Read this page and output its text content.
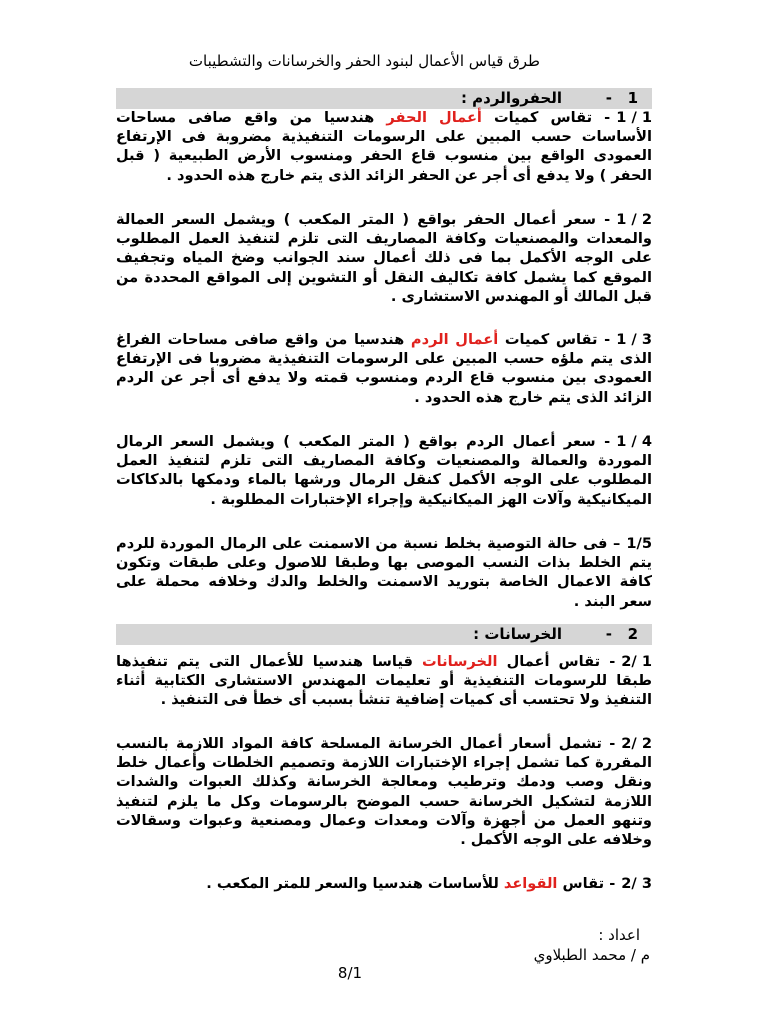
طرق قياس الأعمال لبنود الحفر والخرسانات والتشطيبات
1
-
الحفروالردم :
1 / 1- تقاس كميات أعمال الحفر هندسيا من واقع صافى مساحات الأساسات حسب المبين على الرسومات التنفيذية مضروبة فى الإرتفاع العمودى الواقع بين منسوب قاع الحفر ومنسوب الأرض الطبيعية ( قبل الحفر ) ولا يدفع أى أجر عن الحفر الزائد الذى يتم خارج هذه الحدود .
1 / 2- سعر أعمال الحفر بواقع ( المتر المكعب ) ويشمل السعر العمالة والمعدات والمصنعيات وكافة المصاريف التى تلزم لتنفيذ العمل المطلوب على الوجه الأكمل بما فى ذلك أعمال سند الجوانب وضخ المياه وتجفيف الموقع كما يشمل كافة تكاليف النقل أو التشوين إلى المواقع المحددة من قبل المالك أو المهندس الاستشارى .
1 / 3- تقاس كميات أعمال الردم هندسيا من واقع صافى مساحات الفراغ الذى يتم ملؤه حسب المبين على الرسومات التنفيذية مضروبا فى الإرتفاع العمودى بين منسوب قاع الردم ومنسوب قمته ولا يدفع أى أجر عن الردم الزائد الذى يتم خارج هذه الحدود .
1 / 4- سعر أعمال الردم بواقع ( المتر المكعب ) ويشمل السعر الرمال الموردة والعمالة والمصنعيات وكافة المصاريف التى تلزم لتنفيذ العمل المطلوب على الوجه الأكمل كنقل الرمال ورشها بالماء ودمكها بالدكاكات الميكانيكية وآلات الهز الميكانيكية وإجراء الإختبارات المطلوبة .
1/5– فى حالة التوصية بخلط نسبة من الاسمنت على الرمال الموردة للردم يتم الخلط بذات النسب الموصى بها وطبقا للاصول وعلى طبقات وتكون كافة الاعمال الخاصة بتوريد الاسمنت والخلط والدك وخلافه محملة على سعر البند .
2
-
الخرسانات :
2/ 1- تقاس أعمال الخرسانات قياسا هندسيا للأعمال التى يتم تنفيذها طبقا للرسومات التنفيذية أو تعليمات المهندس الاستشارى الكتابية أثناء التنفيذ ولا تحتسب أى كميات إضافية تنشأ بسبب أى خطأ فى التنفيذ .
2/ 2- تشمل أسعار أعمال الخرسانة المسلحة كافة المواد اللازمة بالنسب المقررة كما تشمل إجراء الإختبارات اللازمة وتصميم الخلطات وأعمال خلط ونقل وصب ودمك وترطيب ومعالجة الخرسانة وكذلك العبوات والشدات اللازمة لتشكيل الخرسانة حسب الموضح بالرسومات وكل ما يلزم لتنفيذ وتنهو العمل من أجهزة وآلات ومعدات وعمال ومصنعية وعبوات وسقالات وخلافه على الوجه الأكمل .
2/ 3- تقاس القواعد للأساسات هندسيا والسعر للمتر المكعب .
اعداد :
م / محمد الطبلاوي
8/1
